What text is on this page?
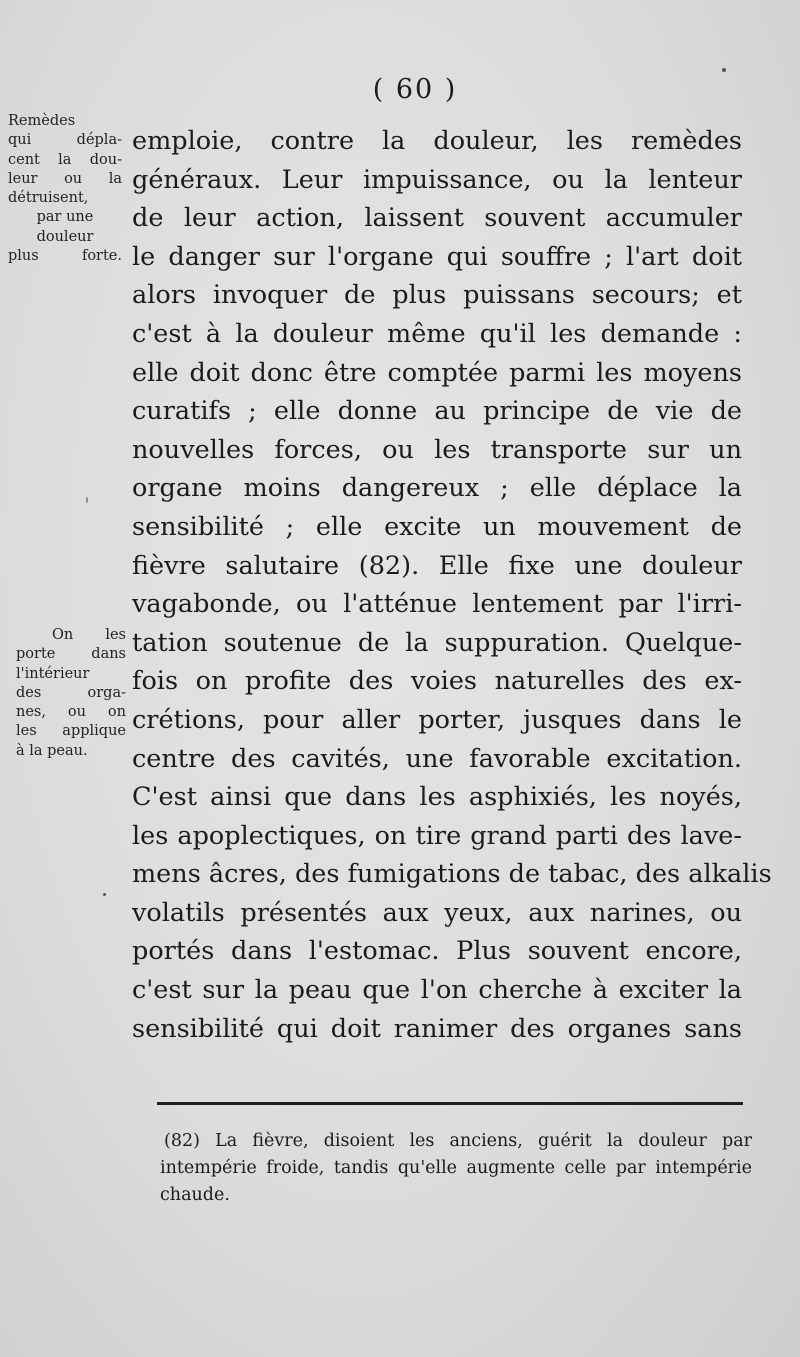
( 60 )
Remèdes
qui dépla-
cent la dou-
leur ou la
détruisent,
par une
douleur
plus forte.
On les
porte dans
l'intérieur
des orga-
nes, ou on
les applique
à la peau.
emploie, contre la douleur, les remèdes
généraux. Leur impuissance, ou la lenteur
de leur action, laissent souvent accumuler
le danger sur l'organe qui souffre ; l'art doit
alors invoquer de plus puissans secours; et
c'est à la douleur même qu'il les demande :
elle doit donc être comptée parmi les moyens
curatifs ; elle donne au principe de vie de
nouvelles forces, ou les transporte sur un
organe moins dangereux ; elle déplace la
sensibilité ; elle excite un mouvement de
fièvre salutaire (82). Elle fixe une douleur
vagabonde, ou l'atténue lentement par l'irri-
tation soutenue de la suppuration. Quelque-
fois on profite des voies naturelles des ex-
crétions, pour aller porter, jusques dans le
centre des cavités, une favorable excitation.
C'est ainsi que dans les asphixiés, les noyés,
les apoplectiques, on tire grand parti des lave-
mens âcres, des fumigations de tabac, des alkalis
volatils présentés aux yeux, aux narines, ou
portés dans l'estomac. Plus souvent encore,
c'est sur la peau que l'on cherche à exciter la
sensibilité qui doit ranimer des organes sans
(82) La fièvre, disoient les anciens, guérit la douleur par
intempérie froide, tandis qu'elle augmente celle par intempérie
chaude.
